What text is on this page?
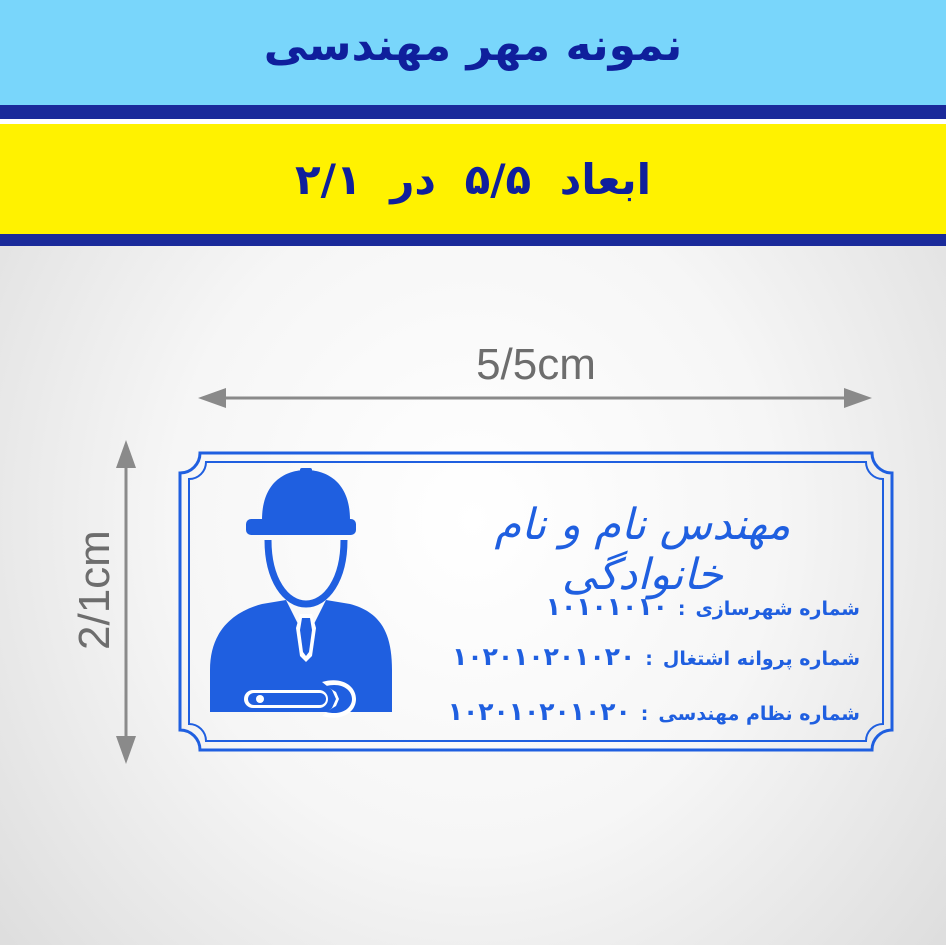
نمونه مهر مهندسی
ابعاد ۵/۵ در ۲/۱
5/5cm
2/1cm
مهندس نام و نام خانوادگی
شماره شهرسازی
:
۱۰۱۰۱۰۱۰
شماره پروانه اشتغال
:
۱۰۲۰۱۰۲۰۱۰۲۰
شماره نظام مهندسی
:
۱۰۲۰۱۰۲۰۱۰۲۰
